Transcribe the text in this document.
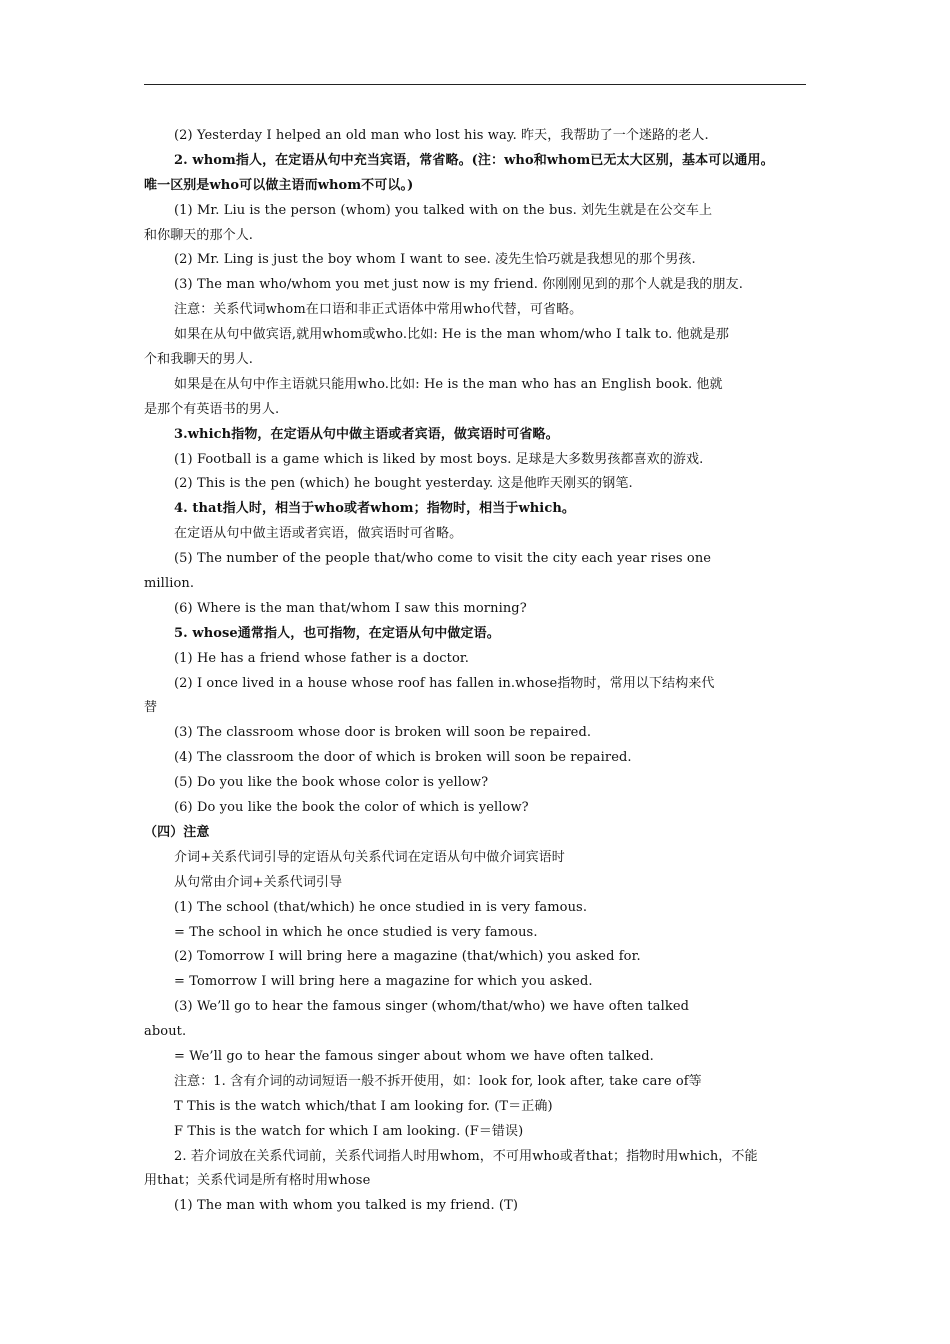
(2) Yesterday I helped an old man who lost his way. 昨天，我帮助了一个迷路的老人.
2. whom指人，在定语从句中充当宾语，常省略。(注：who和whom已无太大区别，基本可以通用。
唯一区别是who可以做主语而whom不可以。)
(1) Mr. Liu is the person (whom) you talked with on the bus. 刘先生就是在公交车上
和你聊天的那个人.
(2) Mr. Ling is just the boy whom I want to see. 凌先生恰巧就是我想见的那个男孩.
(3) The man who/whom you met just now is my friend. 你刚刚见到的那个人就是我的朋友.
注意：关系代词whom在口语和非正式语体中常用who代替，可省略。
如果在从句中做宾语,就用whom或who.比如: He is the man whom/who I talk to. 他就是那
个和我聊天的男人.
如果是在从句中作主语就只能用who.比如: He is the man who has an English book. 他就
是那个有英语书的男人.
3.which指物，在定语从句中做主语或者宾语，做宾语时可省略。
(1) Football is a game which is liked by most boys. 足球是大多数男孩都喜欢的游戏.
(2) This is the pen (which) he bought yesterday. 这是他昨天刚买的钢笔.
4. that指人时，相当于who或者whom；指物时，相当于which。
在定语从句中做主语或者宾语，做宾语时可省略。
(5) The number of the people that/who come to visit the city each year rises one
million.
(6) Where is the man that/whom I saw this morning?
5. whose通常指人，也可指物，在定语从句中做定语。
(1) He has a friend whose father is a doctor.
(2) I once lived in a house whose roof has fallen in.whose指物时，常用以下结构来代
替
(3) The classroom whose door is broken will soon be repaired.
(4) The classroom the door of which is broken will soon be repaired.
(5) Do you like the book whose color is yellow?
(6) Do you like the book the color of which is yellow?
（四）注意
介词+关系代词引导的定语从句关系代词在定语从句中做介词宾语时
从句常由介词+关系代词引导
(1) The school (that/which) he once studied in is very famous.
= The school in which he once studied is very famous.
(2) Tomorrow I will bring here a magazine (that/which) you asked for.
= Tomorrow I will bring here a magazine for which you asked.
(3) We’ll go to hear the famous singer (whom/that/who) we have often talked
about.
= We’ll go to hear the famous singer about whom we have often talked.
注意：1. 含有介词的动词短语一般不拆开使用，如：look for, look after, take care of等
T This is the watch which/that I am looking for. (T＝正确)
F This is the watch for which I am looking. (F＝错误)
2. 若介词放在关系代词前，关系代词指人时用whom，不可用who或者that；指物时用which，不能
用that；关系代词是所有格时用whose
(1) The man with whom you talked is my friend. (T)
